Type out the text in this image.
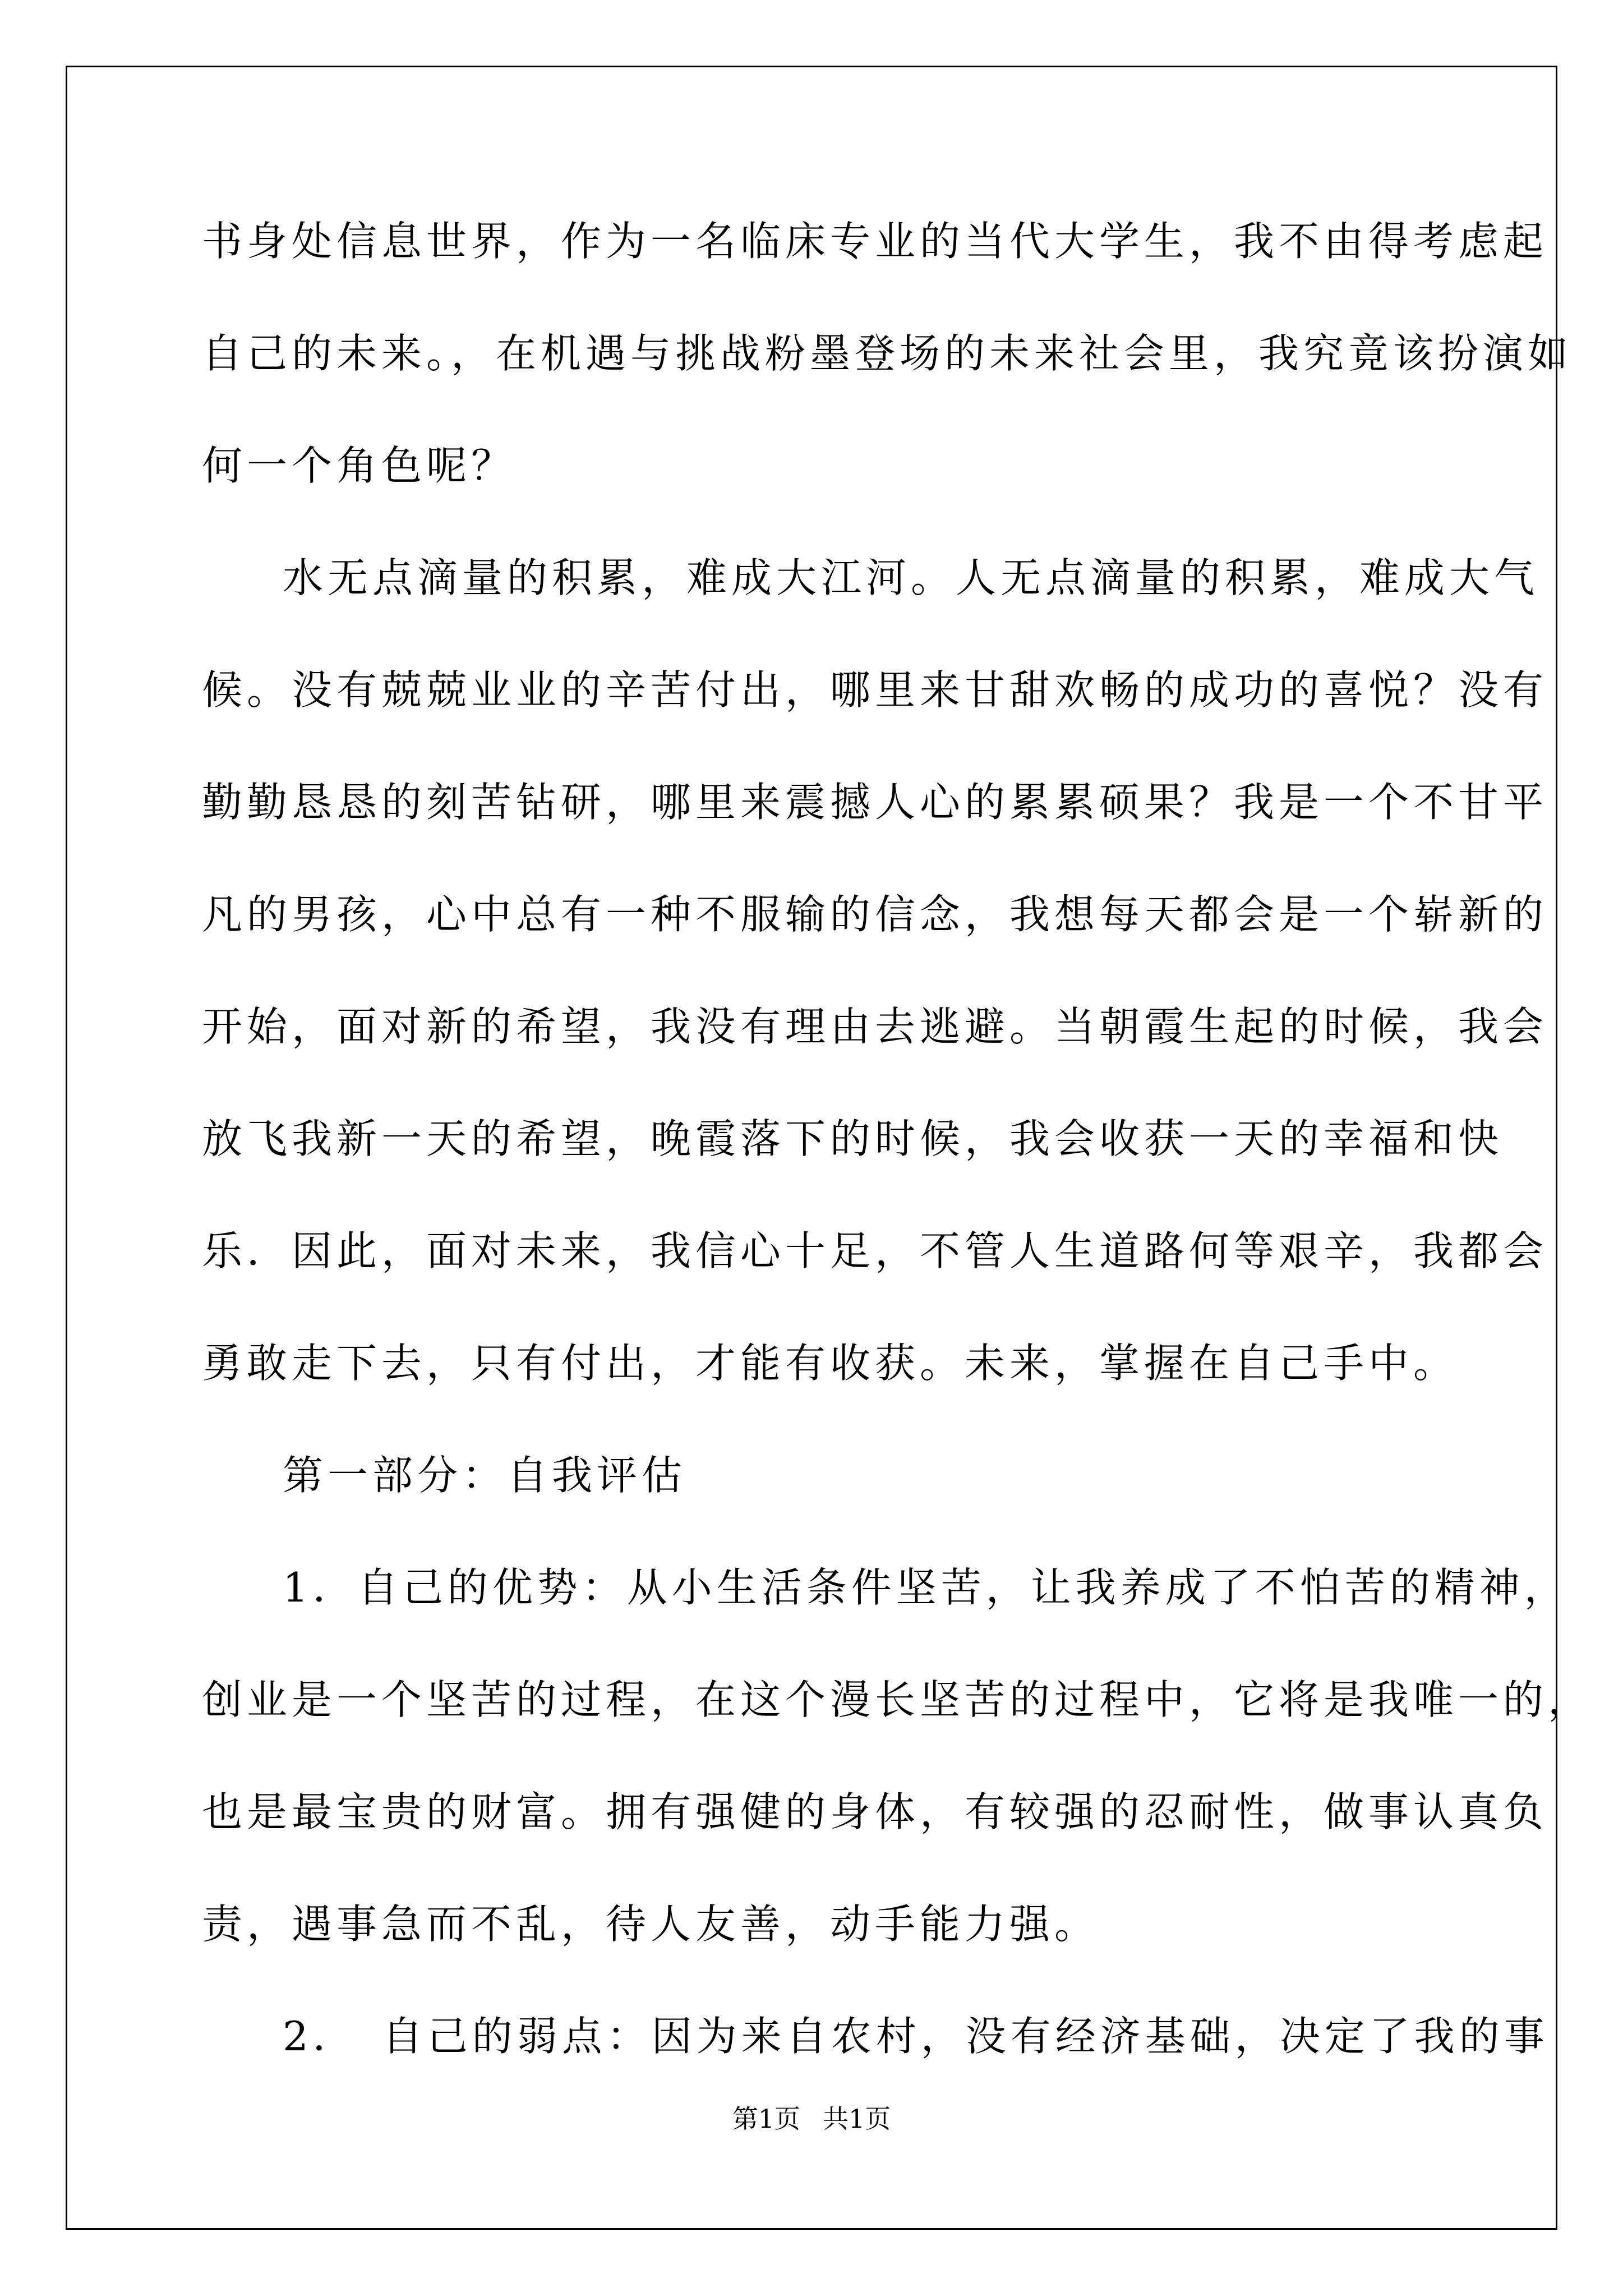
书身处信息世界，作为一名临床专业的当代大学生，我不由得考虑起
自己的未来。，在机遇与挑战粉墨登场的未来社会里，我究竟该扮演如
何一个角色呢？
水无点滴量的积累，难成大江河。人无点滴量的积累，难成大气
候。没有兢兢业业的辛苦付出，哪里来甘甜欢畅的成功的喜悦？没有
勤勤恳恳的刻苦钻研，哪里来震撼人心的累累硕果？我是一个不甘平
凡的男孩，心中总有一种不服输的信念，我想每天都会是一个崭新的
开始，面对新的希望，我没有理由去逃避。当朝霞生起的时候，我会
放飞我新一天的希望，晚霞落下的时候，我会收获一天的幸福和快
乐．因此，面对未来，我信心十足，不管人生道路何等艰辛，我都会
勇敢走下去，只有付出，才能有收获。未来，掌握在自己手中。
第一部分：自我评估
1．自己的优势：从小生活条件坚苦，让我养成了不怕苦的精神，
创业是一个坚苦的过程，在这个漫长坚苦的过程中，它将是我唯一的，
也是最宝贵的财富。拥有强健的身体，有较强的忍耐性，做事认真负
责，遇事急而不乱，待人友善，动手能力强。
2．　自己的弱点：因为来自农村，没有经济基础，决定了我的事
第1页 共1页
